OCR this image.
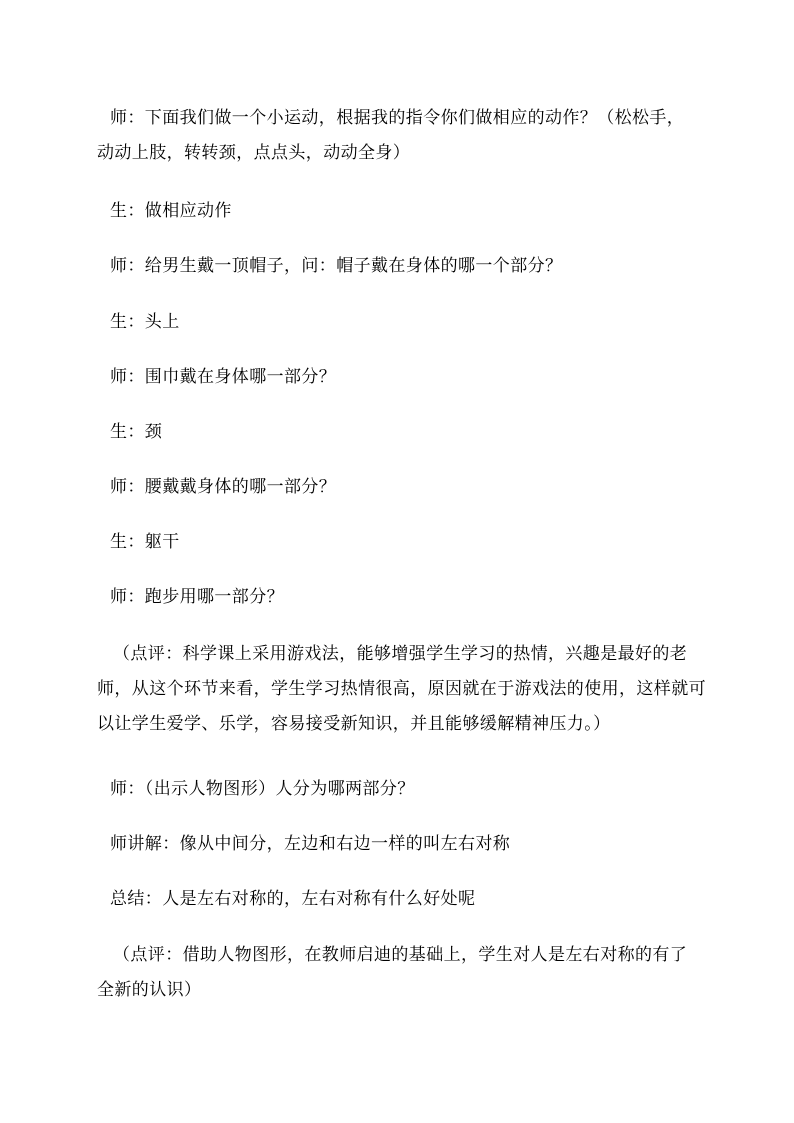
师：下面我们做一个小运动，根据我的指令你们做相应的动作？（松松手，
动动上肢，转转颈，点点头，动动全身）
生：做相应动作
师：给男生戴一顶帽子，问：帽子戴在身体的哪一个部分？
生：头上
师：围巾戴在身体哪一部分？
生：颈
师：腰戴戴身体的哪一部分？
生：躯干
师：跑步用哪一部分？
（点评：科学课上采用游戏法，能够增强学生学习的热情，兴趣是最好的老
师，从这个环节来看，学生学习热情很高，原因就在于游戏法的使用，这样就可
以让学生爱学、乐学，容易接受新知识，并且能够缓解精神压力。）
师：（出示人物图形）人分为哪两部分？
师讲解：像从中间分，左边和右边一样的叫左右对称
总结：人是左右对称的，左右对称有什么好处呢
（点评：借助人物图形，在教师启迪的基础上，学生对人是左右对称的有了
全新的认识）
